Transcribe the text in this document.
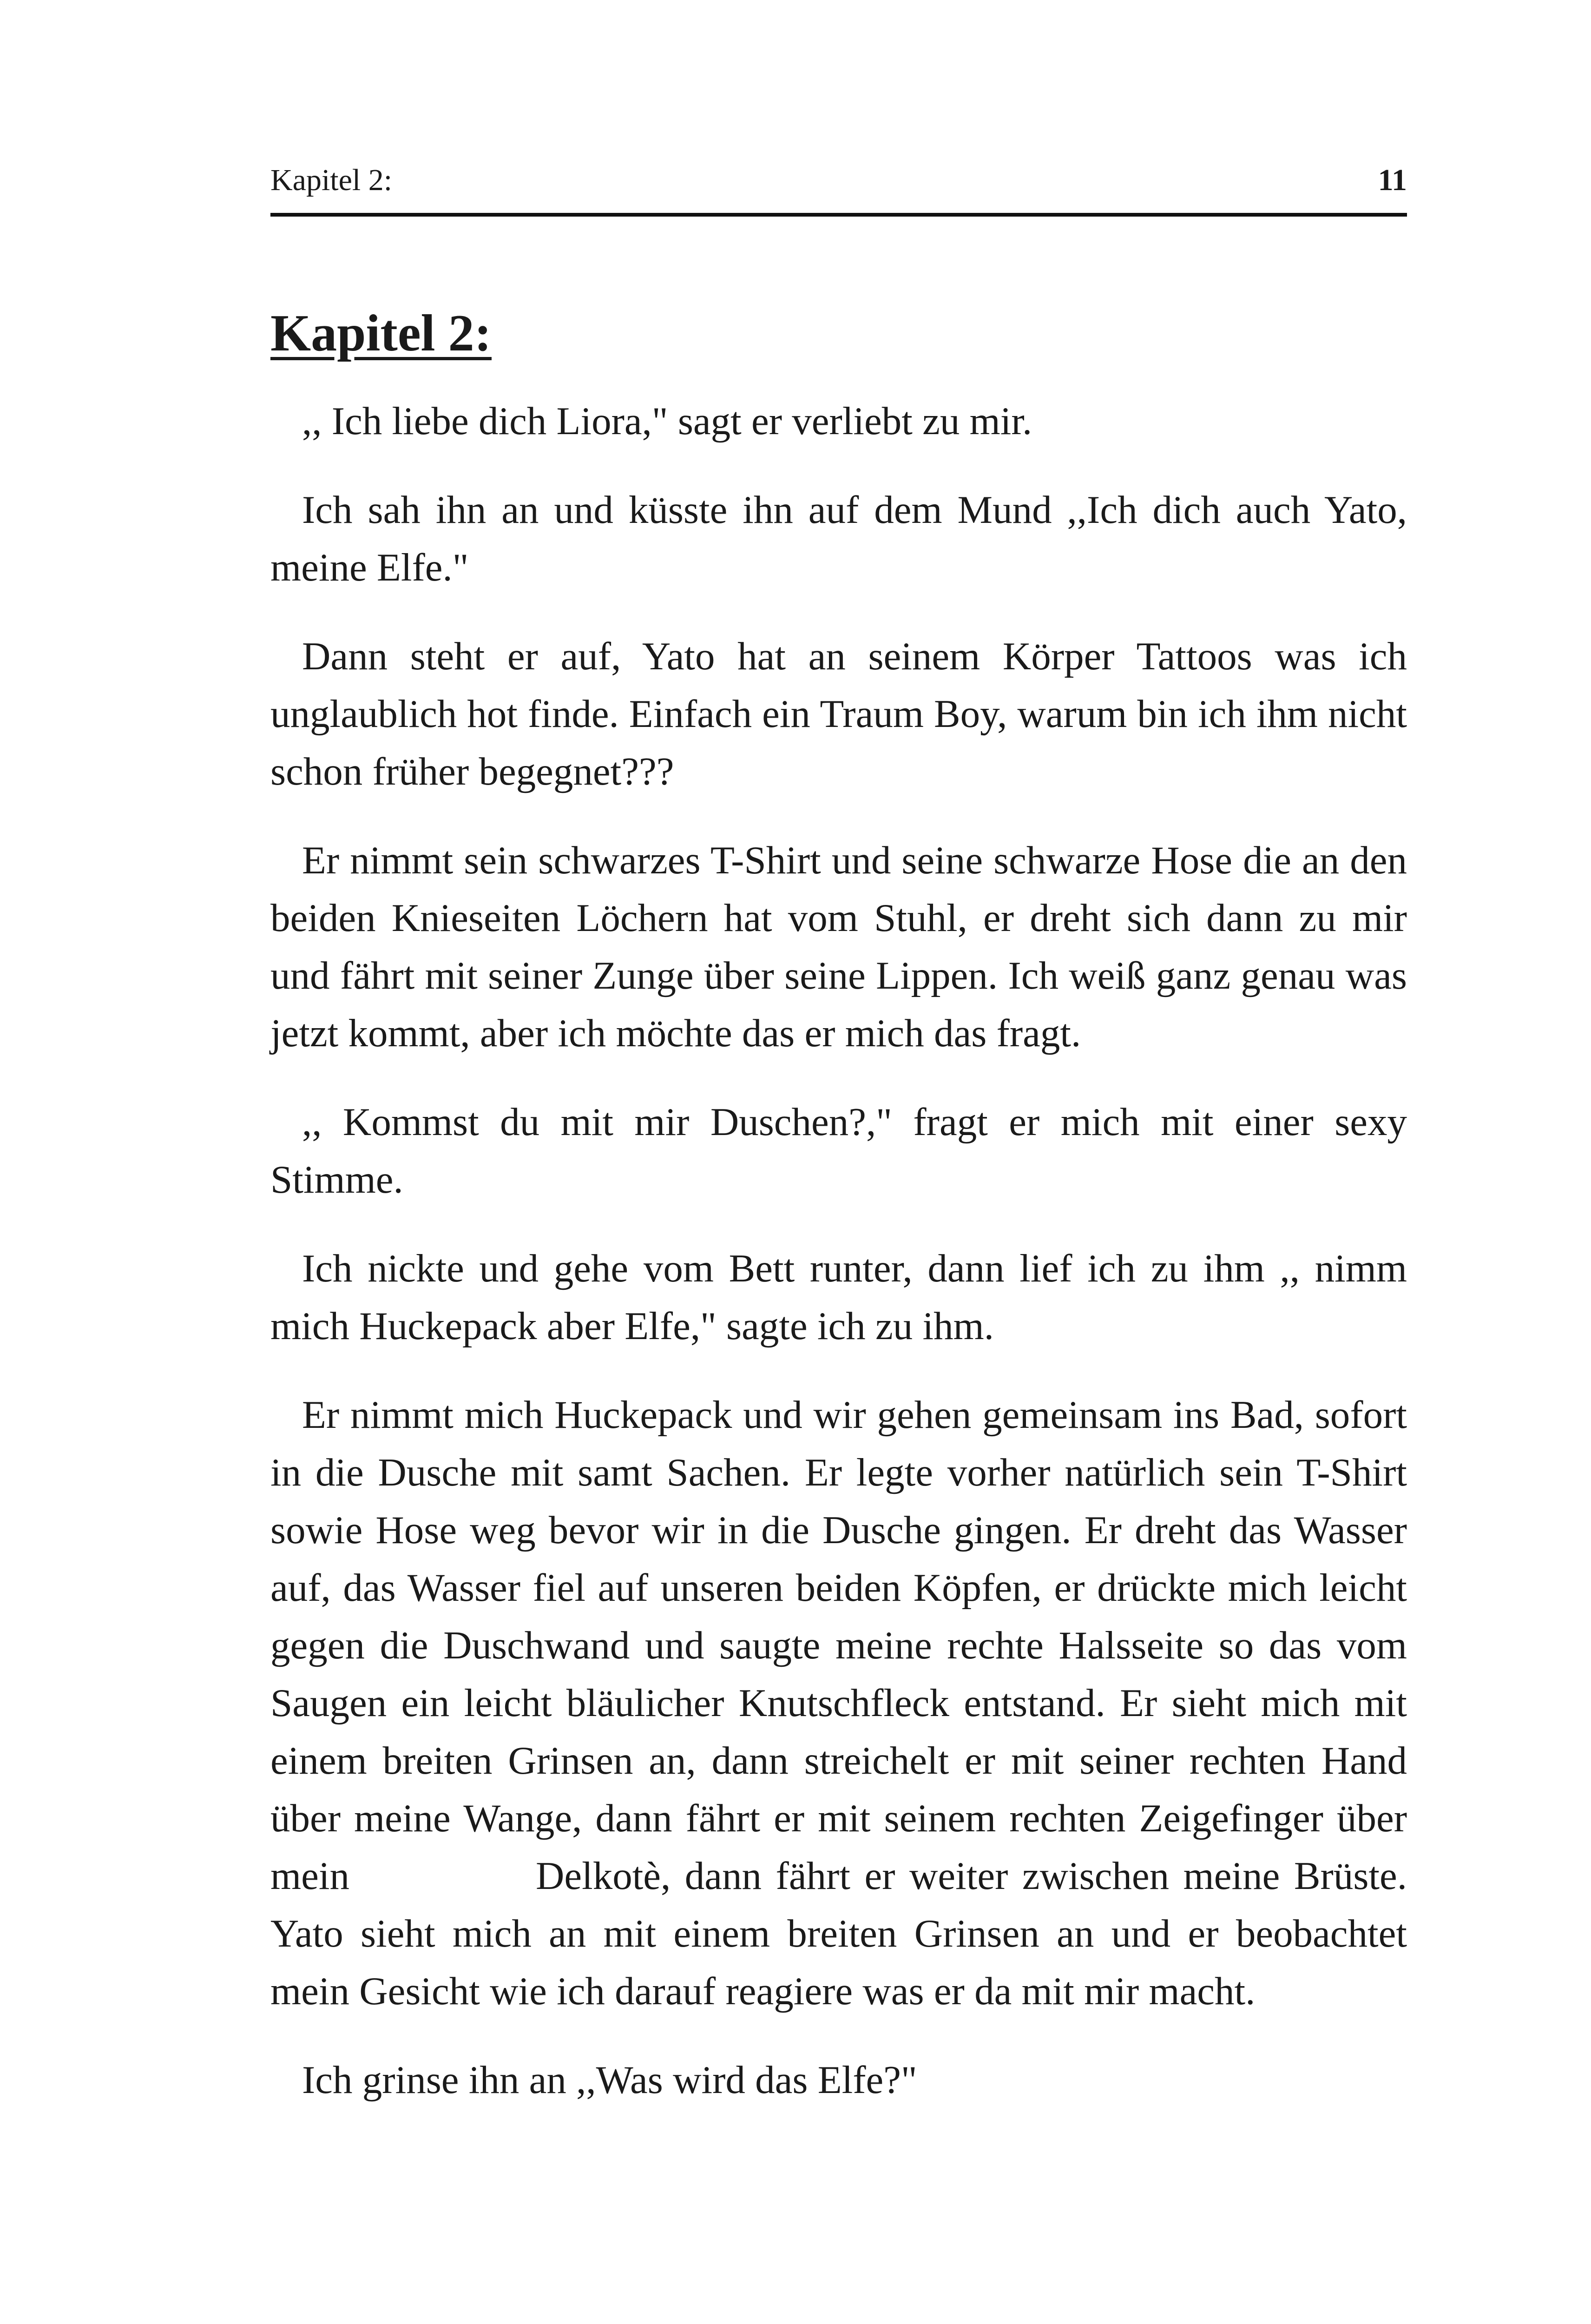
Kapitel 2:	11
Kapitel 2:

,, Ich liebe dich Liora," sagt er verliebt zu mir.

Ich sah ihn an und küsste ihn auf dem Mund ,,Ich dich auch Yato, meine Elfe."

Dann steht er auf, Yato hat an seinem Körper Tattoos was ich unglaublich hot finde. Einfach ein Traum Boy, warum bin ich ihm nicht schon früher begegnet???

Er nimmt sein schwarzes T-Shirt und seine schwarze Hose die an den beiden Knieseiten Löchern hat vom Stuhl, er dreht sich dann zu mir und fährt mit seiner Zunge über seine Lippen. Ich weiß ganz genau was jetzt kommt, aber ich möchte das er mich das fragt.

,, Kommst du mit mir Duschen?," fragt er mich mit einer sexy Stimme.

Ich nickte und gehe vom Bett runter, dann lief ich zu ihm ,, nimm mich Huckepack aber Elfe," sagte ich zu ihm.

Er nimmt mich Huckepack und wir gehen gemeinsam ins Bad, sofort in die Dusche mit samt Sachen. Er legte vorher natürlich sein T-Shirt sowie Hose weg bevor wir in die Dusche gingen. Er dreht das Wasser auf, das Wasser fiel auf unseren beiden Köpfen, er drückte mich leicht gegen die Duschwand und saugte meine rechte Halsseite so das vom Saugen ein leicht bläulicher Knutschfleck entstand. Er sieht mich mit einem breiten Grinsen an, dann streichelt er mit seiner rechten Hand über meine Wange, dann fährt er mit seinem rechten Zeigefinger über mein      Delkotè, dann fährt er weiter zwischen meine Brüste. Yato sieht mich an mit einem breiten Grinsen an und er beobachtet mein Gesicht wie ich darauf reagiere was er da mit mir macht.

Ich grinse ihn an ,,Was wird das Elfe?"
